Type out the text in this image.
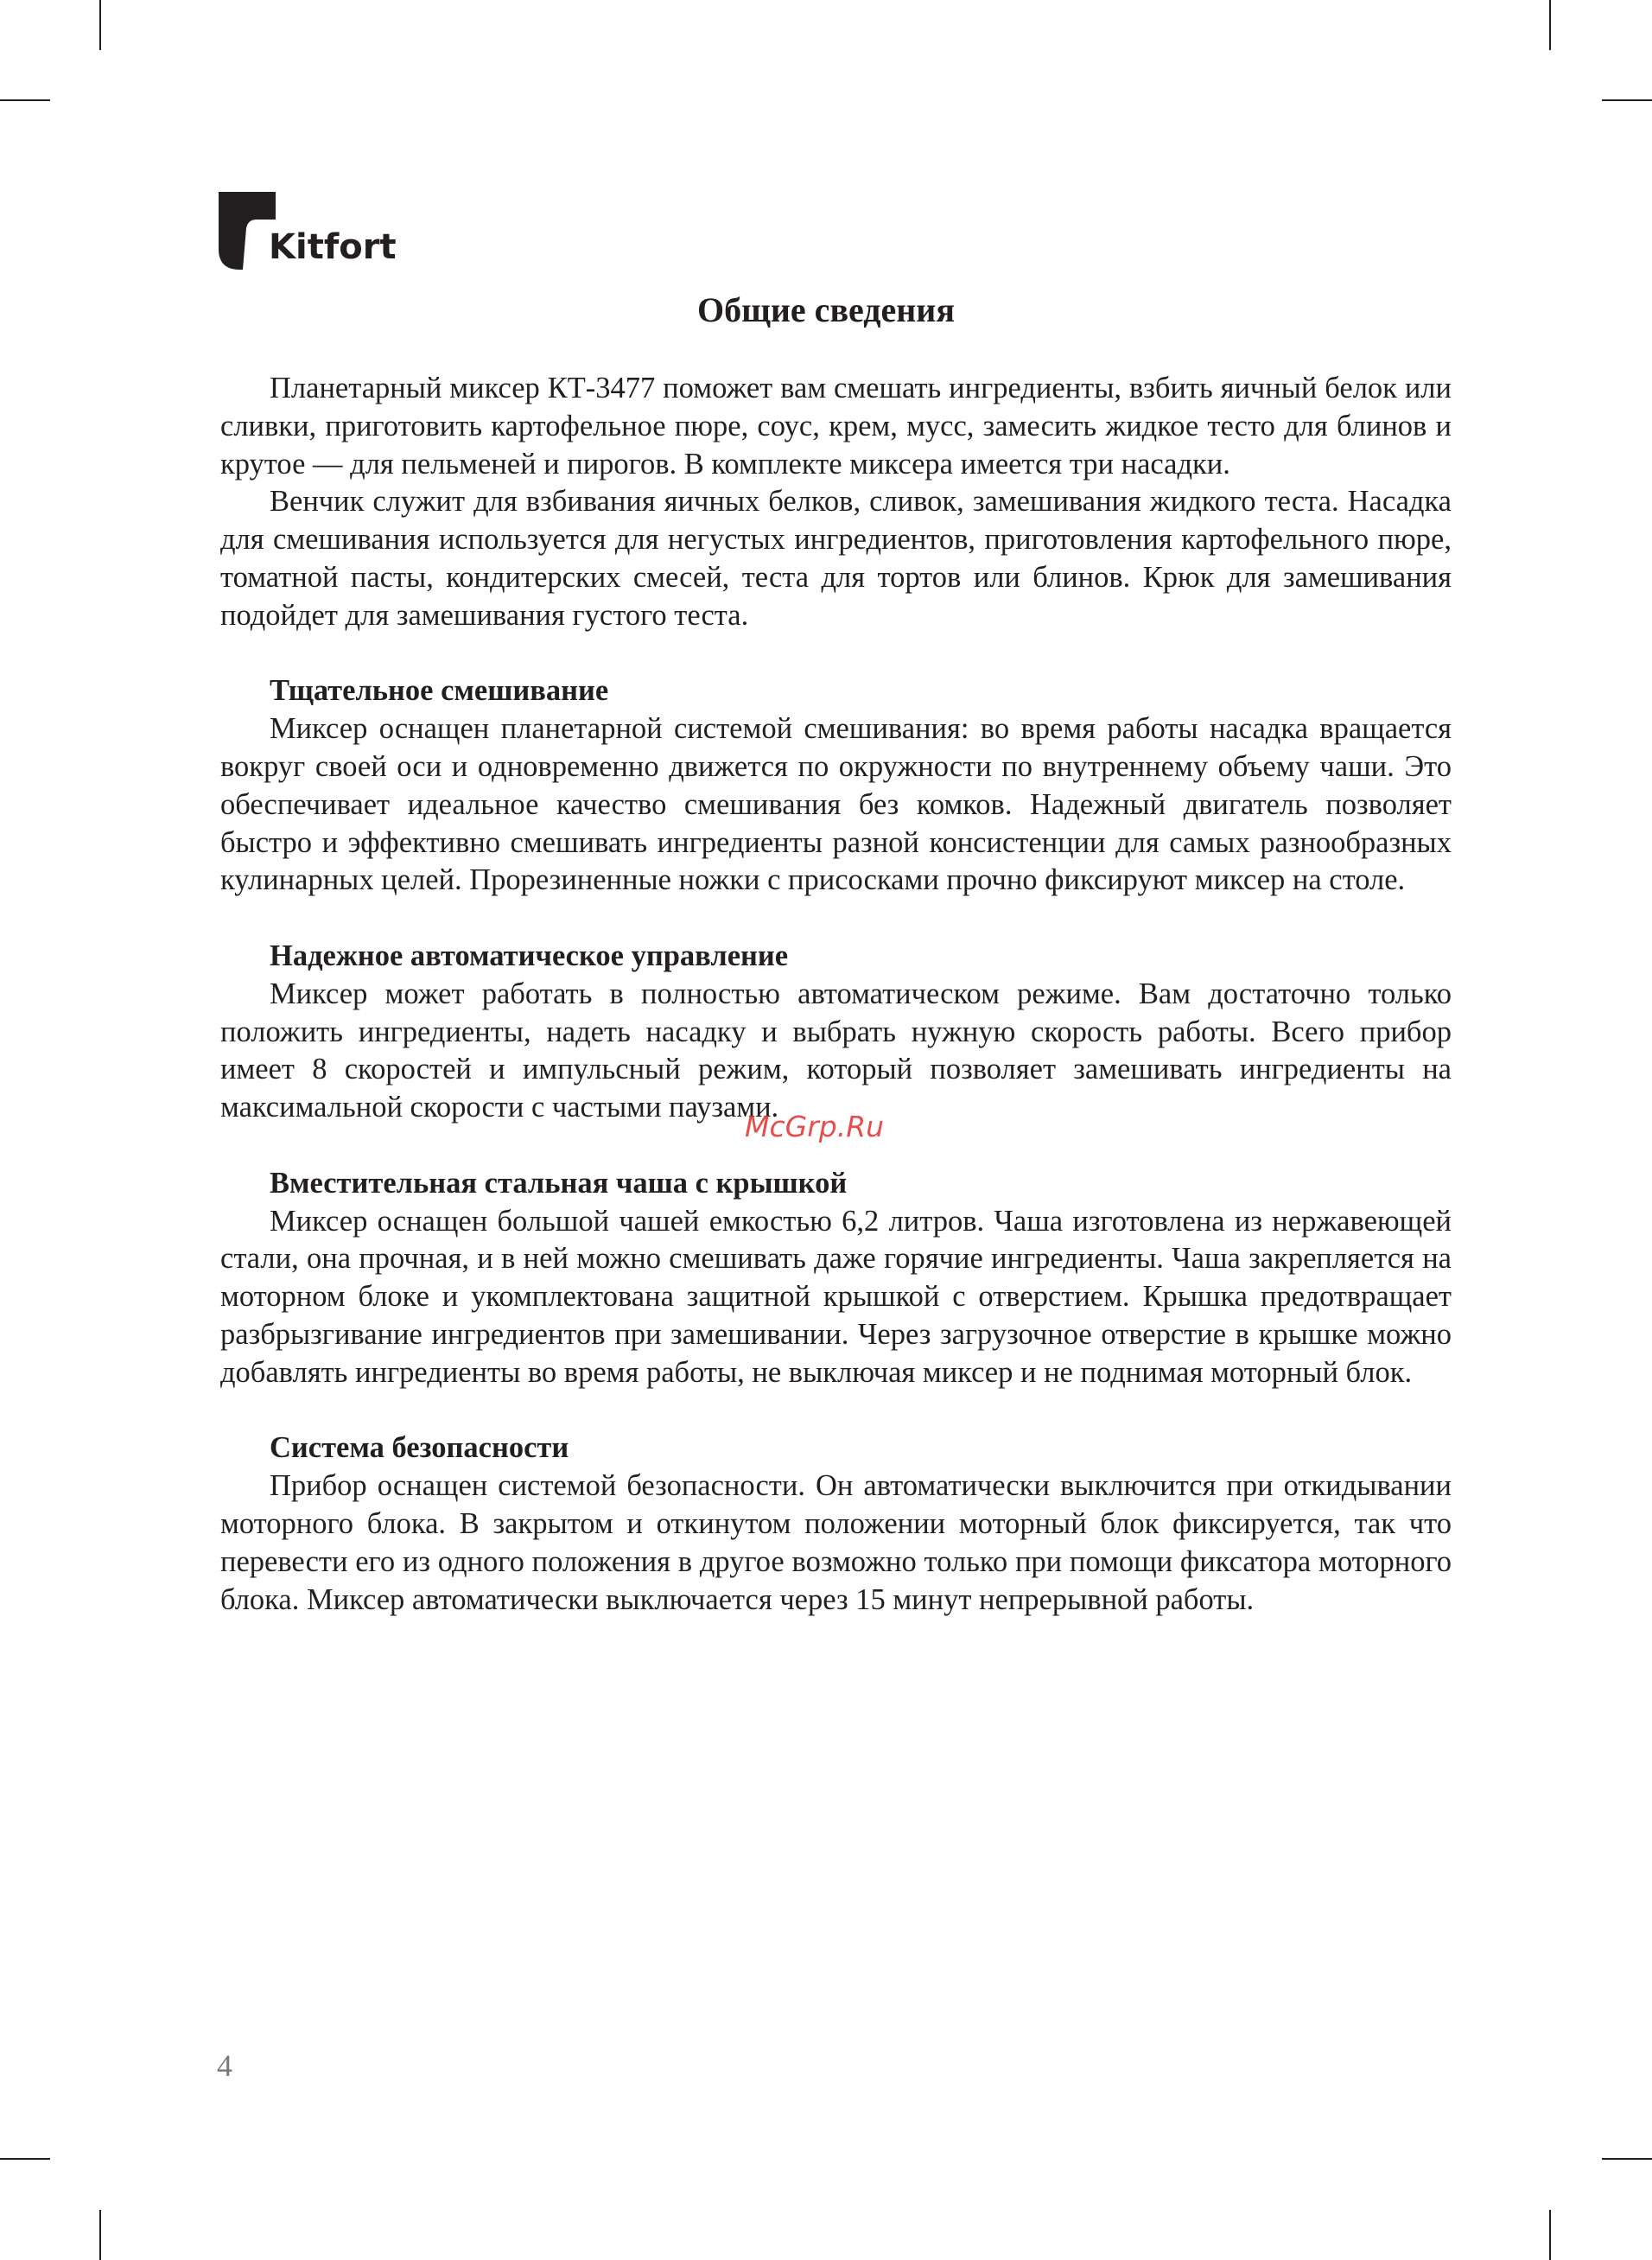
Kitfort
Общие сведения

Планетарный миксер КТ-3477 поможет вам смешать ингредиенты, взбить яичный белок или сливки, приготовить картофельное пюре, соус, крем, мусс, замесить жидкое тесто для блинов и крутое — для пельменей и пирогов. В комплекте миксера имеется три насадки.

Венчик служит для взбивания яичных белков, сливок, замешивания жидкого теста. Насадка для смешивания используется для негустых ингредиентов, приготовления картофельного пюре, томатной пасты, кондитерских смесей, теста для тортов или блинов. Крюк для замешивания подойдет для замешивания густого теста.

Тщательное смешивание

Миксер оснащен планетарной системой смешивания: во время работы насадка вращается вокруг своей оси и одновременно движется по окружности по внутреннему объему чаши. Это обеспечивает идеальное качество смешивания без комков. Надежный двигатель позволяет быстро и эффективно смешивать ингредиенты разной консистенции для самых разнообразных кулинарных целей. Прорезиненные ножки с присосками прочно фиксируют миксер на столе.

Надежное автоматическое управление

Миксер может работать в полностью автоматическом режиме. Вам достаточно только положить ингредиенты, надеть насадку и выбрать нужную скорость работы. Всего прибор имеет 8 скоростей и импульсный режим, который позволяет замешивать ингредиенты на максимальной скорости с частыми паузами.

Вместительная стальная чаша с крышкой

Миксер оснащен большой чашей емкостью 6,2 литров. Чаша изготовлена из нержавеющей стали, она прочная, и в ней можно смешивать даже горячие ингредиенты. Чаша закрепляется на моторном блоке и укомплектована защитной крышкой с отверстием. Крышка предотвращает разбрызгивание ингредиентов при замешивании. Через загрузочное отверстие в крышке можно добавлять ингредиенты во время работы, не выключая миксер и не поднимая моторный блок.

Система безопасности

Прибор оснащен системой безопасности. Он автоматически выключится при откидывании моторного блока. В закрытом и откинутом положении моторный блок фиксируется, так что перевести его из одного положения в другое возможно только при помощи фиксатора моторного блока. Миксер автоматически выключается через 15 минут непрерывной работы.

McGrp.Ru
4
